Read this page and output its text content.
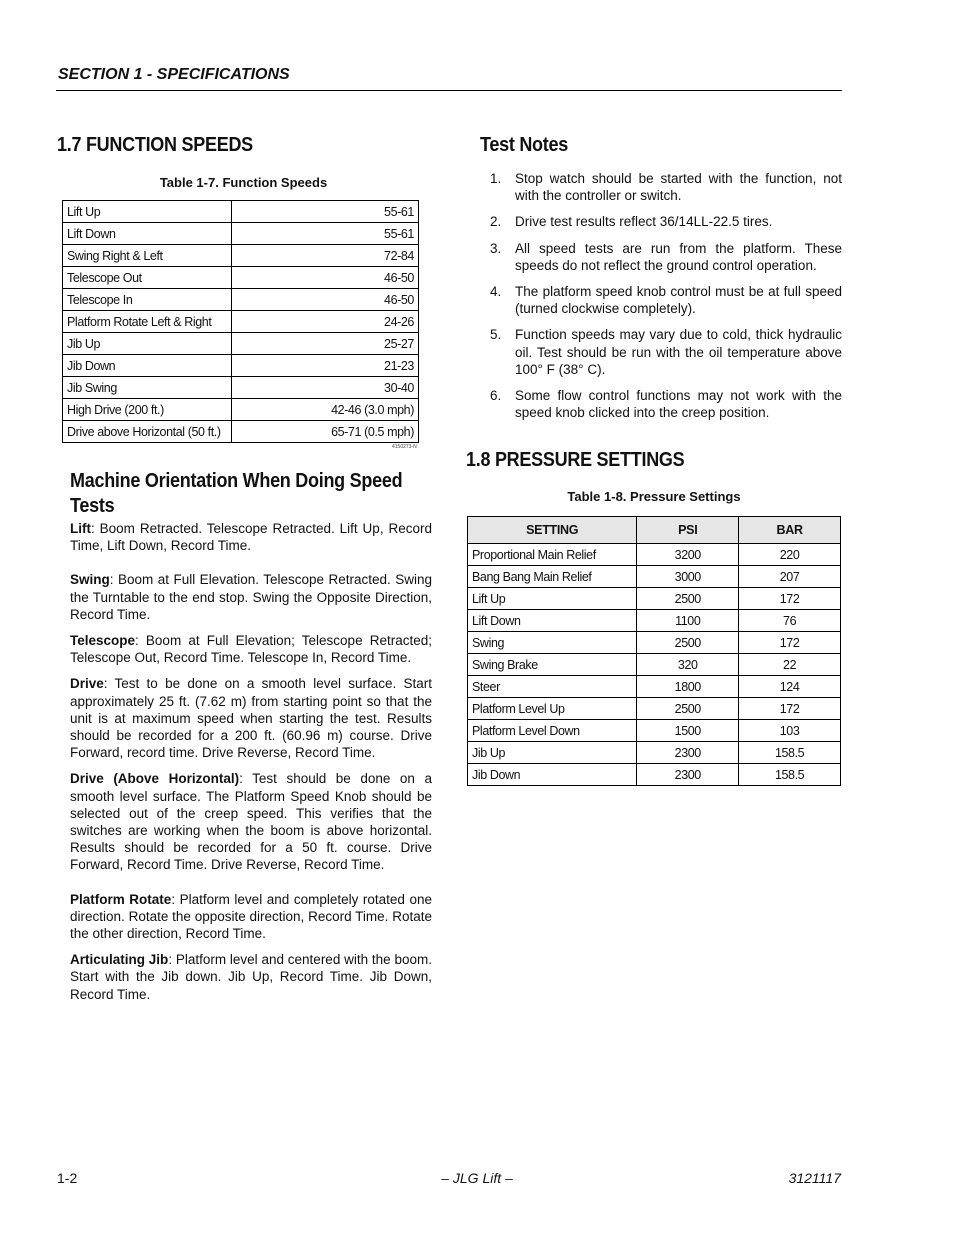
SECTION 1 - SPECIFICATIONS
1.7 FUNCTION SPEEDS
Table 1-7. Function Speeds
Lift Up	55-61
Lift Down	55-61
Swing Right & Left	72-84
Telescope Out	46-50
Telescope In	46-50
Platform Rotate Left & Right	24-26
Jib Up	25-27
Jib Down	21-23
Jib Swing	30-40
High Drive (200 ft.)	42-46 (3.0 mph)
Drive above Horizontal (50 ft.)	65-71 (0.5 mph)
4150273-N
Machine Orientation When Doing Speed Tests
Lift: Boom Retracted. Telescope Retracted. Lift Up, Record Time, Lift Down, Record Time.
Swing: Boom at Full Elevation. Telescope Retracted. Swing the Turntable to the end stop. Swing the Opposite Direction, Record Time.
Telescope: Boom at Full Elevation; Telescope Retracted; Telescope Out, Record Time. Telescope In, Record Time.
Drive: Test to be done on a smooth level surface. Start approximately 25 ft. (7.62 m) from starting point so that the unit is at maximum speed when starting the test. Results should be recorded for a 200 ft. (60.96 m) course. Drive Forward, record time. Drive Reverse, Record Time.
Drive (Above Horizontal): Test should be done on a smooth level surface. The Platform Speed Knob should be selected out of the creep speed. This verifies that the switches are working when the boom is above horizontal. Results should be recorded for a 50 ft. course. Drive Forward, Record Time. Drive Reverse, Record Time.
Platform Rotate: Platform level and completely rotated one direction. Rotate the opposite direction, Record Time. Rotate the other direction, Record Time.
Articulating Jib: Platform level and centered with the boom. Start with the Jib down. Jib Up, Record Time. Jib Down, Record Time.
Test Notes
1. Stop watch should be started with the function, not with the controller or switch.
2. Drive test results reflect 36/14LL-22.5 tires.
3. All speed tests are run from the platform. These speeds do not reflect the ground control operation.
4. The platform speed knob control must be at full speed (turned clockwise completely).
5. Function speeds may vary due to cold, thick hydraulic oil. Test should be run with the oil temperature above 100° F (38° C).
6. Some flow control functions may not work with the speed knob clicked into the creep position.
1.8 PRESSURE SETTINGS
Table 1-8. Pressure Settings
SETTING	PSI	BAR
Proportional Main Relief	3200	220
Bang Bang Main Relief	3000	207
Lift Up	2500	172
Lift Down	1100	76
Swing	2500	172
Swing Brake	320	22
Steer	1800	124
Platform Level Up	2500	172
Platform Level Down	1500	103
Jib Up	2300	158.5
Jib Down	2300	158.5
1-2	– JLG Lift –	3121117
